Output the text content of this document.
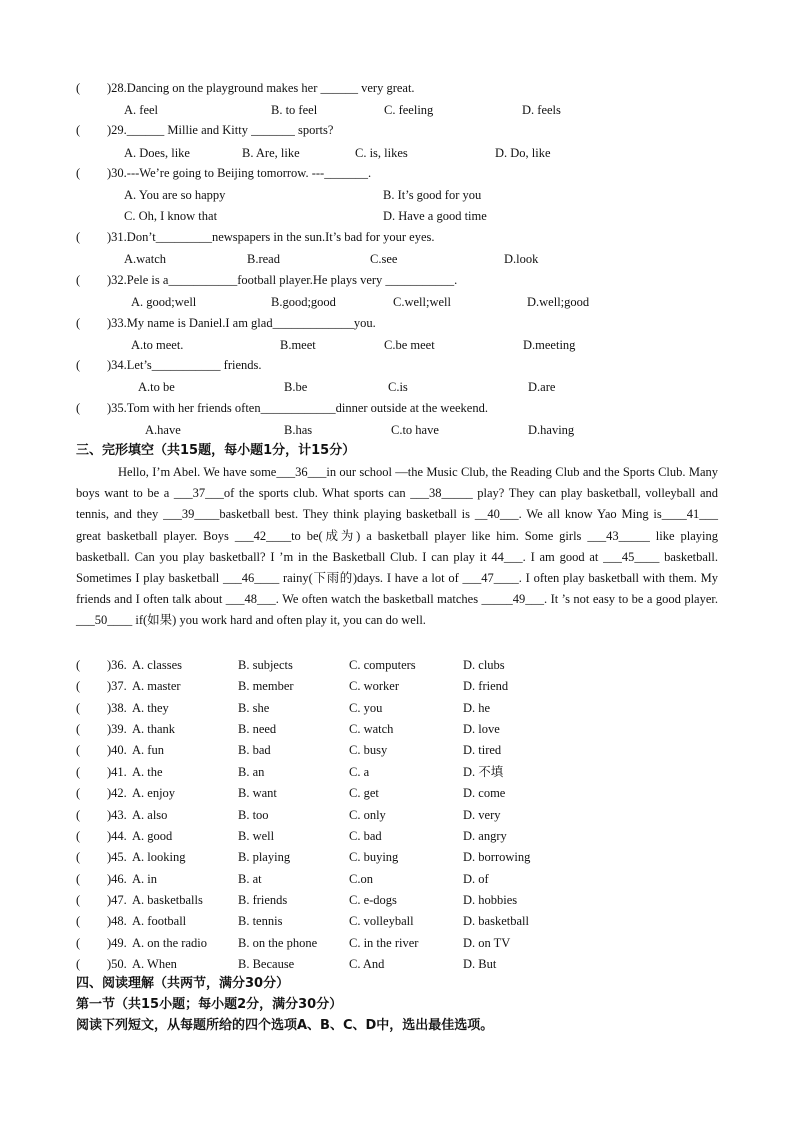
( )28.Dancing on the playground makes her ______ very great.
A. feel	B. to feel	C. feeling	D. feels
( )29.______ Millie and Kitty _______ sports?
A. Does, like	B. Are, like	C. is, likes	D. Do, like
( )30.---We’re going to Beijing tomorrow. ---_______.
A. You are so happy	B. It’s good for you
C. Oh, I know that	D. Have a good time
( )31.Don’t_________newspapers in the sun.It’s bad for your eyes.
A.watch	B.read	C.see	D.look
( )32.Pele is a___________football player.He plays very ___________.
A. good;well	B.good;good	C.well;well	D.well;good
( )33.My name is Daniel.I am glad_____________you.
A.to meet.	B.meet	C.be meet	D.meeting
( )34.Let’s___________ friends.
A.to be	B.be	C.is	D.are
( )35.Tom with her friends often____________dinner outside at the weekend.
A.have	B.has	C.to have	D.having
三、完形填空（共15题，每小题1分，计15分）
Hello, I’m Abel. We have some___36___in our school —the Music Club, the Reading Club and the Sports Club. Many boys want to be a ___37___of the sports club. What sports can ___38_____ play? They can play basketball, volleyball and tennis, and they ___39____basketball best. They think playing basketball is __40___. We all know Yao Ming is____41___ great basketball player. Boys ___42____to be(成为) a basketball player like him. Some girls ___43_____ like playing basketball. Can you play basketball? I ’m in the Basketball Club. I can play it 44___. I am good at ___45____ basketball. Sometimes I play basketball ___46____ rainy(下雨的)days. I have a lot of ___47____. I often play basketball with them. My friends and I often talk about ___48___. We often watch the basketball matches _____49___. It ’s not easy to be a good player. ___50____ if(如果) you work hard and often play it, you can do well.
( )36. A. classes	B. subjects	C. computers	D. clubs
( )37. A. master	B. member	C. worker	D. friend
( )38. A. they	B. she	C. you	D. he
( )39. A. thank	B. need	C. watch	D. love
( )40. A. fun	B. bad	C. busy	D. tired
( )41. A. the	B. an	C. a	D. 不填
( )42. A. enjoy	B. want	C. get	D. come
( )43. A. also	B. too	C. only	D. very
( )44. A. good	B. well	C. bad	D. angry
( )45. A. looking	B. playing	C. buying	D. borrowing
( )46. A. in	B. at	C.on	D. of
( )47. A. basketballs	B. friends	C. e-dogs	D. hobbies
( )48. A. football	B. tennis	C. volleyball	D. basketball
( )49. A. on the radio B. on the phone	C. in the river	D. on TV
( )50. A. When	B. Because	C. And	D. But
四、阅读理解（共两节，满分30分）
第一节（共15小题；每小题2分，满分30分）
阅读下列短文，从每题所给的四个选项A、B、C、D中，选出最佳选项。
